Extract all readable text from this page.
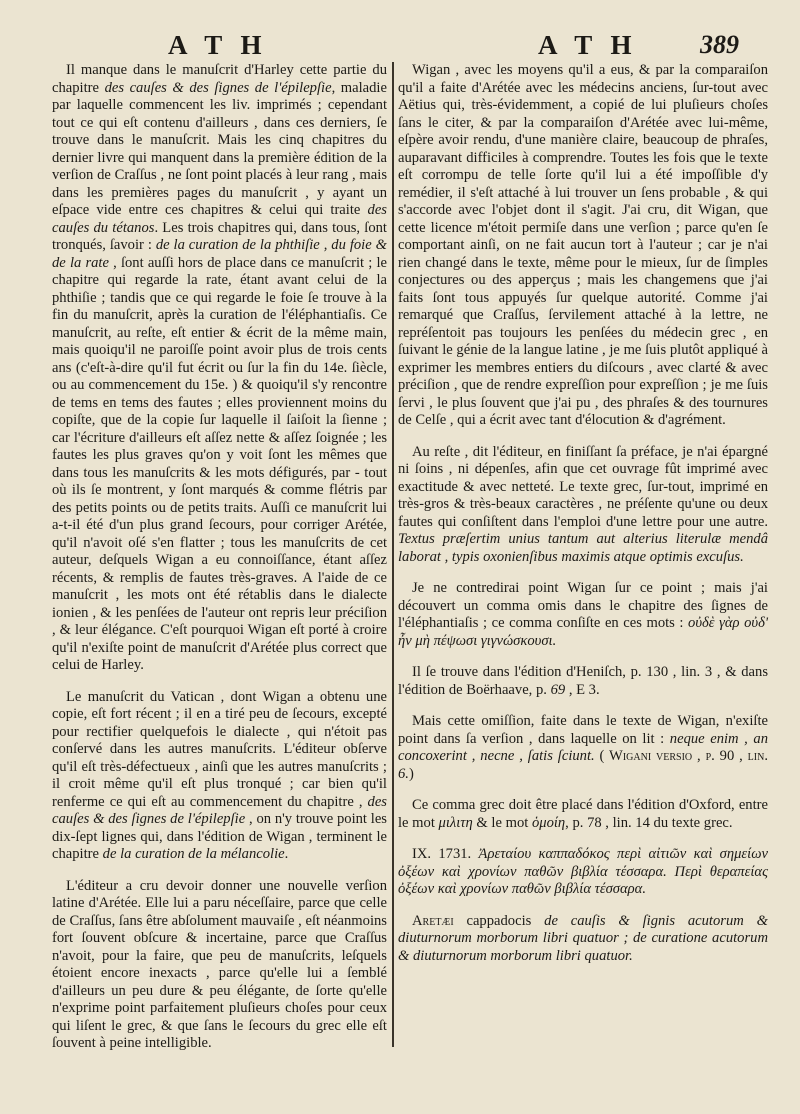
A T H	A T H 389

Il manque dans le manuſcrit d'Harley cette partie du chapitre des cauſes & des ſignes de l'épilepſie, maladie par laquelle commencent les liv. imprimés ; cependant tout ce qui eſt contenu d'ailleurs , dans ces derniers, ſe trouve dans le manuſcrit. Mais les cinq chapitres du dernier livre qui manquent dans la première édition de la verſion de Craſſus , ne ſont point placés à leur rang , mais dans les premières pages du manuſcrit , y ayant un eſpace vide entre ces chapitres & celui qui traite des cauſes du tétanos. Les trois chapitres qui, dans tous, ſont tronqués, ſavoir : de la curation de la phthiſie , du foie & de la rate , ſont auſſi hors de place dans ce manuſcrit ; le chapitre qui regarde la rate, étant avant celui de la phthiſie ; tandis que ce qui regarde le foie ſe trouve à la fin du manuſcrit, après la curation de l'éléphantiaſis. Ce manuſcrit, au reſte, eſt entier & écrit de la même main, mais quoiqu'il ne paroiſſe point avoir plus de trois cents ans (c'eſt-à-dire qu'il fut écrit ou ſur la fin du 14e. ſiècle, ou au commencement du 15e. ) & quoiqu'il s'y rencontre de tems en tems des fautes ; elles proviennent moins du copiſte, que de la copie ſur laquelle il ſaiſoit la ſienne ; car l'écriture d'ailleurs eſt aſſez nette & aſſez ſoignée ; les fautes les plus graves qu'on y voit ſont les mêmes que dans tous les manuſcrits & les mots défigurés, par - tout où ils ſe montrent, y ſont marqués & comme flétris par des petits points ou de petits traits. Auſſi ce manuſcrit lui a-t-il été d'un plus grand ſecours, pour corriger Arétée, qu'il n'avoit oſé s'en flatter ; tous les manuſcrits de cet auteur, deſquels Wigan a eu connoiſſance, étant aſſez récents, & remplis de fautes très-graves. A l'aide de ce manuſcrit , les mots ont été rétablis dans le dialecte ionien , & les penſées de l'auteur ont repris leur préciſion , & leur élégance. C'eſt pourquoi Wigan eſt porté à croire qu'il n'exiſte point de manuſcrit d'Arétée plus correct que celui de Harley.

Le manuſcrit du Vatican , dont Wigan a obtenu une copie, eſt fort récent ; il en a tiré peu de ſecours, excepté pour rectifier quelquefois le dialecte , qui n'étoit pas conſervé dans les autres manuſcrits. L'éditeur obſerve qu'il eſt très-défectueux , ainſi que les autres manuſcrits ; il croit même qu'il eſt plus tronqué ; car bien qu'il renferme ce qui eſt au commencement du chapitre , des cauſes & des ſignes de l'épilepſie , on n'y trouve point les dix-ſept lignes qui, dans l'édition de Wigan , terminent le chapitre de la curation de la mélancolie.

L'éditeur a cru devoir donner une nouvelle verſion latine d'Arétée. Elle lui a paru néceſſaire, parce que celle de Craſſus, ſans être abſolument mauvaiſe , eſt néanmoins fort ſouvent obſcure & incertaine, parce que Craſſus n'avoit, pour la faire, que peu de manuſcrits, leſquels étoient encore inexacts , parce qu'elle lui a ſemblé d'ailleurs un peu dure & peu élégante, de ſorte qu'elle n'exprime point parfaitement pluſieurs choſes pour ceux qui liſent le grec, & que ſans le ſecours du grec elle eſt ſouvent à peine intelligible.

Wigan , avec les moyens qu'il a eus, & par la comparaiſon qu'il a faite d'Arétée avec les médecins anciens, ſur-tout avec Aëtius qui, très-évidemment, a copié de lui pluſieurs choſes ſans le citer, & par la comparaiſon d'Arétée avec lui-même, eſpère avoir rendu, d'une manière claire, beaucoup de phraſes, auparavant difficiles à comprendre. Toutes les fois que le texte eſt corrompu de telle ſorte qu'il lui a été impoſſible d'y remédier, il s'eſt attaché à lui trouver un ſens probable , & qui s'accorde avec l'objet dont il s'agit. J'ai cru, dit Wigan, que cette licence m'étoit permiſe dans une verſion ; parce qu'en ſe comportant ainſi, on ne fait aucun tort à l'auteur ; car je n'ai rien changé dans le texte, même pour le mieux, ſur de ſimples conjectures ou des apperçus ; mais les changemens que j'ai faits ſont tous appuyés ſur quelque autorité. Comme j'ai remarqué que Craſſus, ſervilement attaché à la lettre, ne repréſentoit pas toujours les penſées du médecin grec , en ſuivant le génie de la langue latine , je me ſuis plutôt appliqué à exprimer les membres entiers du diſcours , avec clarté & avec préciſion , que de rendre expreſſion pour expreſſion ; je me ſuis ſervi , le plus ſouvent que j'ai pu , des phraſes & des tournures de Celſe , qui a écrit avec tant d'élocution & d'agrément.

Au reſte , dit l'éditeur, en finiſſant ſa préface, je n'ai épargné ni ſoins , ni dépenſes, afin que cet ouvrage fût imprimé avec exactitude & avec netteté. Le texte grec, ſur-tout, imprimé en très-gros & très-beaux caractères , ne préſente qu'une ou deux fautes qui conſiſtent dans l'emploi d'une lettre pour une autre. Textus præſertim unius tantum aut alterius literulæ mendâ laborat , typis oxonienſibus maximis atque optimis excuſus.

Je ne contredirai point Wigan ſur ce point ; mais j'ai découvert un comma omis dans le chapitre des ſignes de l'éléphantiaſis ; ce comma conſiſte en ces mots : οὐδὲ γὰρ οὐδ' ἦν μὴ πέψωσι γιγνώσκουσι.

Il ſe trouve dans l'édition d'Heniſch, p. 130 , lin. 3 , & dans l'édition de Boërhaave, p. 69 , E 3.

Mais cette omiſſion, faite dans le texte de Wigan, n'exiſte point dans ſa verſion , dans laquelle on lit : neque enim , an concoxerint , necne , ſatis ſciunt. ( Wigani verſio , p. 90 , lin. 6.)

Ce comma grec doit être placé dans l'édition d'Oxford, entre le mot μιλιτη & le mot ὁμοίη, p. 78 , lin. 14 du texte grec.

IX. 1731. Ἀρεταίου καππαδόκος περὶ αἰτιῶν καὶ σημείων ὀξέων καὶ χρονίων παθῶν βιβλία τέσσαρα. Περὶ θεραπείας ὀξέων καὶ χρονίων παθῶν βιβλία τέσσαρα.

Aretæi cappadocis de cauſis & ſignis acutorum & diuturnorum morborum libri quatuor ; de curatione acutorum & diuturnorum morborum libri quatuor.
